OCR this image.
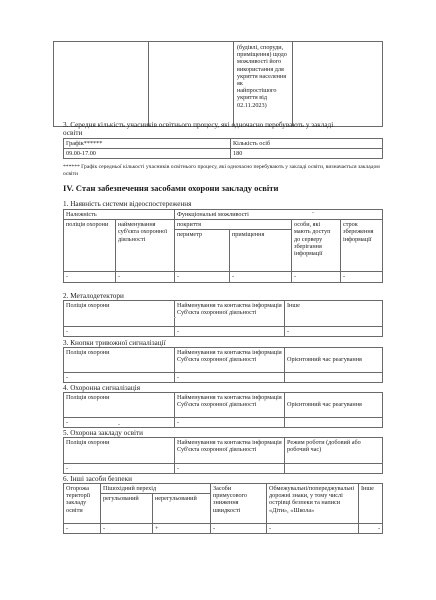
(будівлі, споруди,
приміщення) щодо
можливості його
використання для
укриття населення як
найпростішого
укриття від
02.11.2023)

3. Середня кількість учасників освітнього процесу, які одночасно перебувають у закладі
освіти
Графік******	Кількість осіб
09.00-17.00	180
****** Графік середньої кількості учасників освітнього процесу, які одночасно перебувають у закладі освіти, визначається закладом освіти
IV. Стан забезпечення засобами охорони закладу освіти
1. Наявність системи відеоспостереження
Належність		Функціональні можливості			
поліція охорони	найменування суб'єкта охоронної діяльності	покриття		особи, які мають доступ до серверу зберігання інформації	строк збереження інформації
		периметр	приміщення		
-	-	-	-	-	-
2. Металодетектори
Поліція охорони	Найменування та контактна інформація Суб'єкта охоронної діяльності	Інше
-	-	-
3. Кнопки тривожної сигналізації
Поліція охорони	Найменування та контактна інформація Суб'єкта охоронної діяльності	Орієнтовний час реагування
-	-	
4. Охоронна сигналізація
Поліція охорони	Найменування та контактна інформація Суб'єкта охоронної діяльності	Орієнтовний час реагування
-	-	
5. Охорона закладу освіти
Поліція охорони	Найменування та контактна інформація Суб'єкта охоронної діяльності	Режим роботи (добовий або робочий час)
-	-	
6. Інші засоби безпеки
Огорожа території закладу освіти	Пішохідний перехід		Засоби примусового зниження швидкості	Обмежувальні/попереджувальні дорожні знаки, у тому числі острівці безпеки та написи «Діти», «Школа»	Інше
	регульований	нерегульований			
-	-	+	-	-	-
